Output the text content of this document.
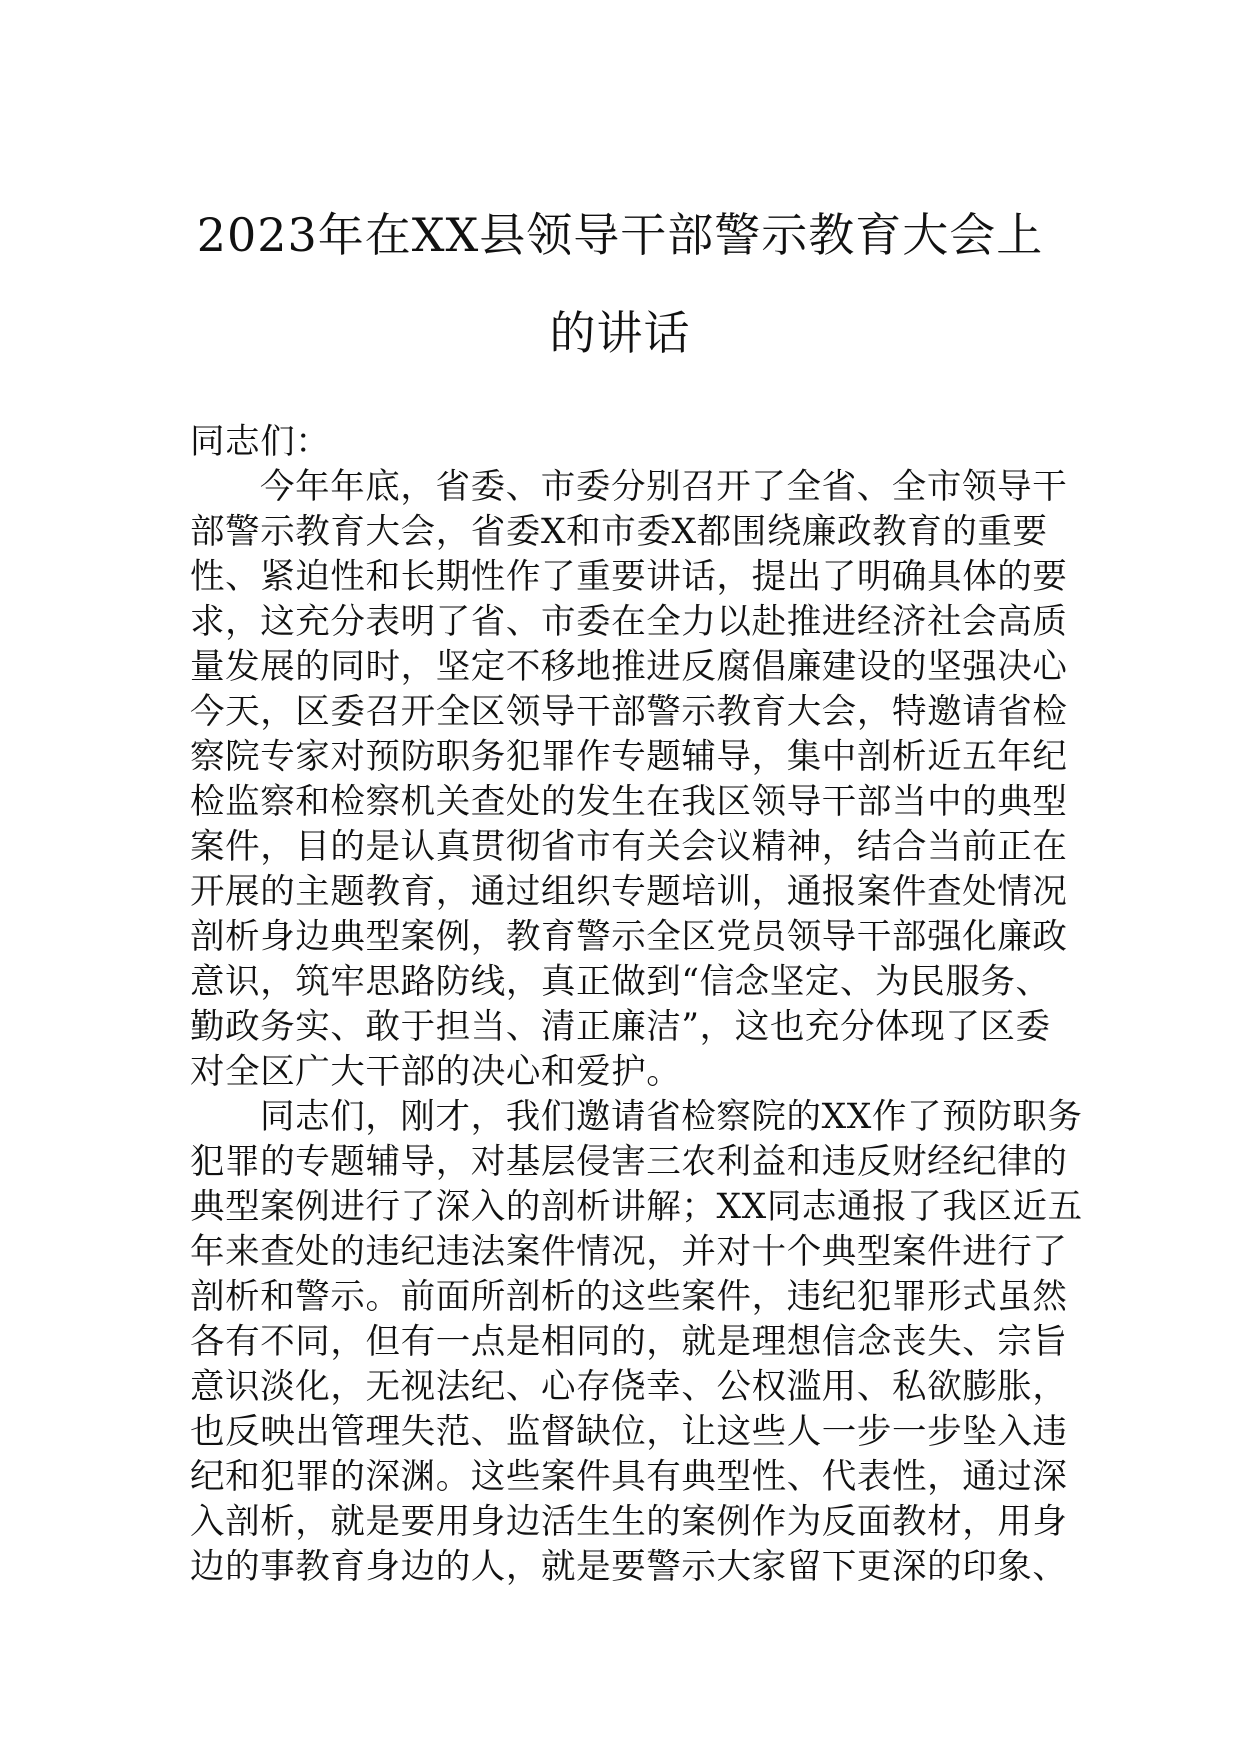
2023年在XX县领导干部警示教育大会上
的讲话
同志们：
今年年底，省委、市委分别召开了全省、全市领导干
部警示教育大会，省委X和市委X都围绕廉政教育的重要
性、紧迫性和长期性作了重要讲话，提出了明确具体的要
求，这充分表明了省、市委在全力以赴推进经济社会高质
量发展的同时，坚定不移地推进反腐倡廉建设的坚强决心
今天，区委召开全区领导干部警示教育大会，特邀请省检
察院专家对预防职务犯罪作专题辅导，集中剖析近五年纪
检监察和检察机关查处的发生在我区领导干部当中的典型
案件，目的是认真贯彻省市有关会议精神，结合当前正在
开展的主题教育，通过组织专题培训，通报案件查处情况
剖析身边典型案例，教育警示全区党员领导干部强化廉政
意识，筑牢思路防线，真正做到“信念坚定、为民服务、
勤政务实、敢于担当、清正廉洁”，这也充分体现了区委
对全区广大干部的决心和爱护。
同志们，刚才，我们邀请省检察院的XX作了预防职务
犯罪的专题辅导，对基层侵害三农利益和违反财经纪律的
典型案例进行了深入的剖析讲解；XX同志通报了我区近五
年来查处的违纪违法案件情况，并对十个典型案件进行了
剖析和警示。前面所剖析的这些案件，违纪犯罪形式虽然
各有不同，但有一点是相同的，就是理想信念丧失、宗旨
意识淡化，无视法纪、心存侥幸、公权滥用、私欲膨胀，
也反映出管理失范、监督缺位，让这些人一步一步坠入违
纪和犯罪的深渊。这些案件具有典型性、代表性，通过深
入剖析，就是要用身边活生生的案例作为反面教材，用身
边的事教育身边的人，就是要警示大家留下更深的印象、
